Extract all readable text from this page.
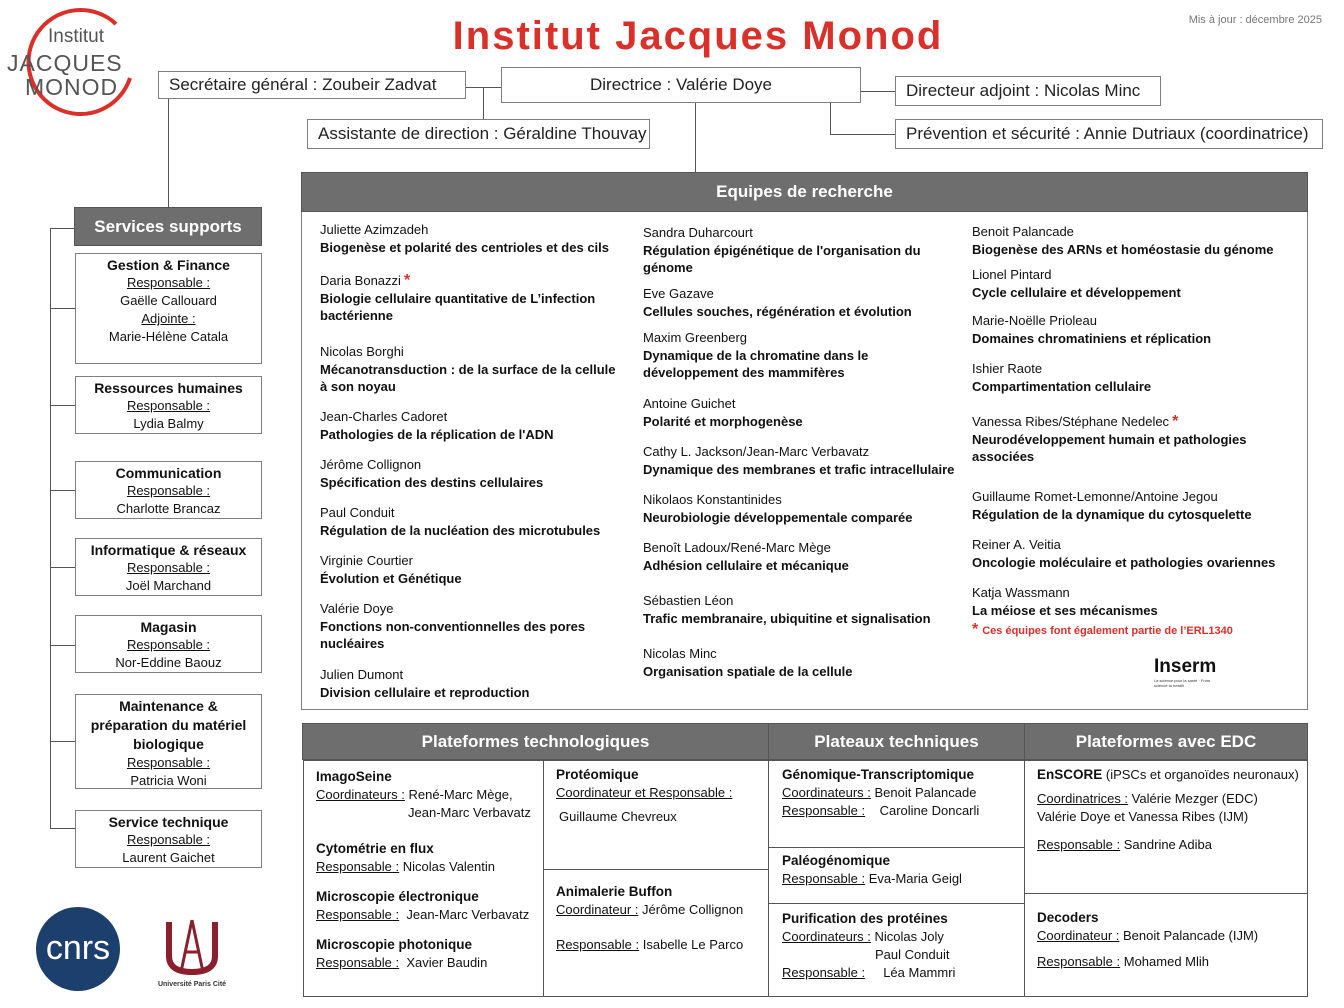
Institut
JACQUES
MONOD
Institut Jacques Monod	Mis à jour : décembre 2025
Directrice : Valérie Doye
Secrétaire général : Zoubeir Zadvat
Assistante de direction : Géraldine Thouvay
Directeur adjoint : Nicolas Minc
Prévention et sécurité : Annie Dutriaux (coordinatrice)
Services supports
Gestion & Finance
Responsable :
Gaëlle Callouard
Adjointe :
Marie-Hélène Catala
Ressources humaines
Responsable :
Lydia Balmy
Communication
Responsable :
Charlotte Brancaz
Informatique & réseaux
Responsable :
Joël Marchand
Magasin
Responsable :
Nor-Eddine Baouz
Maintenance & préparation du matériel biologique
Responsable :
Patricia Woni
Service technique
Responsable :
Laurent Gaichet
Equipes de recherche
Juliette Azimzadeh
Biogenèse et polarité des centrioles et des cils
Daria Bonazzi *
Biologie cellulaire quantitative de L’infection bactérienne
Nicolas Borghi
Mécanotransduction : de la surface de la cellule à son noyau
Jean-Charles Cadoret
Pathologies de la réplication de l'ADN
Jérôme Collignon
Spécification des destins cellulaires
Paul Conduit
Régulation de la nucléation des microtubules
Virginie Courtier
Évolution et Génétique
Valérie Doye
Fonctions non-conventionnelles des pores nucléaires
Julien Dumont
Division cellulaire et reproduction
Sandra Duharcourt
Régulation épigénétique de l'organisation du génome
Eve Gazave
Cellules souches, régénération et évolution
Maxim Greenberg
Dynamique de la chromatine dans le développement des mammifères
Antoine Guichet
Polarité et morphogenèse
Cathy L. Jackson/Jean-Marc Verbavatz
Dynamique des membranes et trafic intracellulaire
Nikolaos Konstantinides
Neurobiologie développementale comparée
Benoît Ladoux/René-Marc Mège
Adhésion cellulaire et mécanique
Sébastien Léon
Trafic membranaire, ubiquitine et signalisation
Nicolas Minc
Organisation spatiale de la cellule
Benoit Palancade
Biogenèse des ARNs et homéostasie du génome
Lionel Pintard
Cycle cellulaire et développement
Marie-Noëlle Prioleau
Domaines chromatiniens et réplication
Ishier Raote
Compartimentation cellulaire
Vanessa Ribes/Stéphane Nedelec *
Neurodéveloppement humain et pathologies associées
Guillaume Romet-Lemonne/Antoine Jegou
Régulation de la dynamique du cytosquelette
Reiner A. Veitia
Oncologie moléculaire et pathologies ovariennes
Katja Wassmann
La méiose et ses mécanismes
* Ces équipes font également partie de l’ERL1340
Inserm
La science pour la santé · From science to health
Plateformes technologiques	Plateaux techniques	Plateformes avec EDC
ImagoSeine
Coordinateurs : René-Marc Mège,
Jean-Marc Verbavatz
Cytométrie en flux
Responsable : Nicolas Valentin
Microscopie électronique
Responsable : Jean-Marc Verbavatz
Microscopie photonique
Responsable : Xavier Baudin
Protéomique
Coordinateur et Responsable :
Guillaume Chevreux
Animalerie Buffon
Coordinateur : Jérôme Collignon
Responsable : Isabelle Le Parco
Génomique-Transcriptomique
Coordinateurs : Benoit Palancade
Responsable : Caroline Doncarli
Paléogénomique
Responsable : Eva-Maria Geigl
Purification des protéines
Coordinateurs : Nicolas Joly
Paul Conduit
Responsable : Léa Mammri
EnSCORE (iPSCs et organoïdes neuronaux)
Coordinatrices : Valérie Mezger (EDC)
Valérie Doye et Vanessa Ribes (IJM)
Responsable : Sandrine Adiba
Decoders
Coordinateur : Benoit Palancade (IJM)
Responsable : Mohamed Mlih
cnrs
Université Paris Cité
